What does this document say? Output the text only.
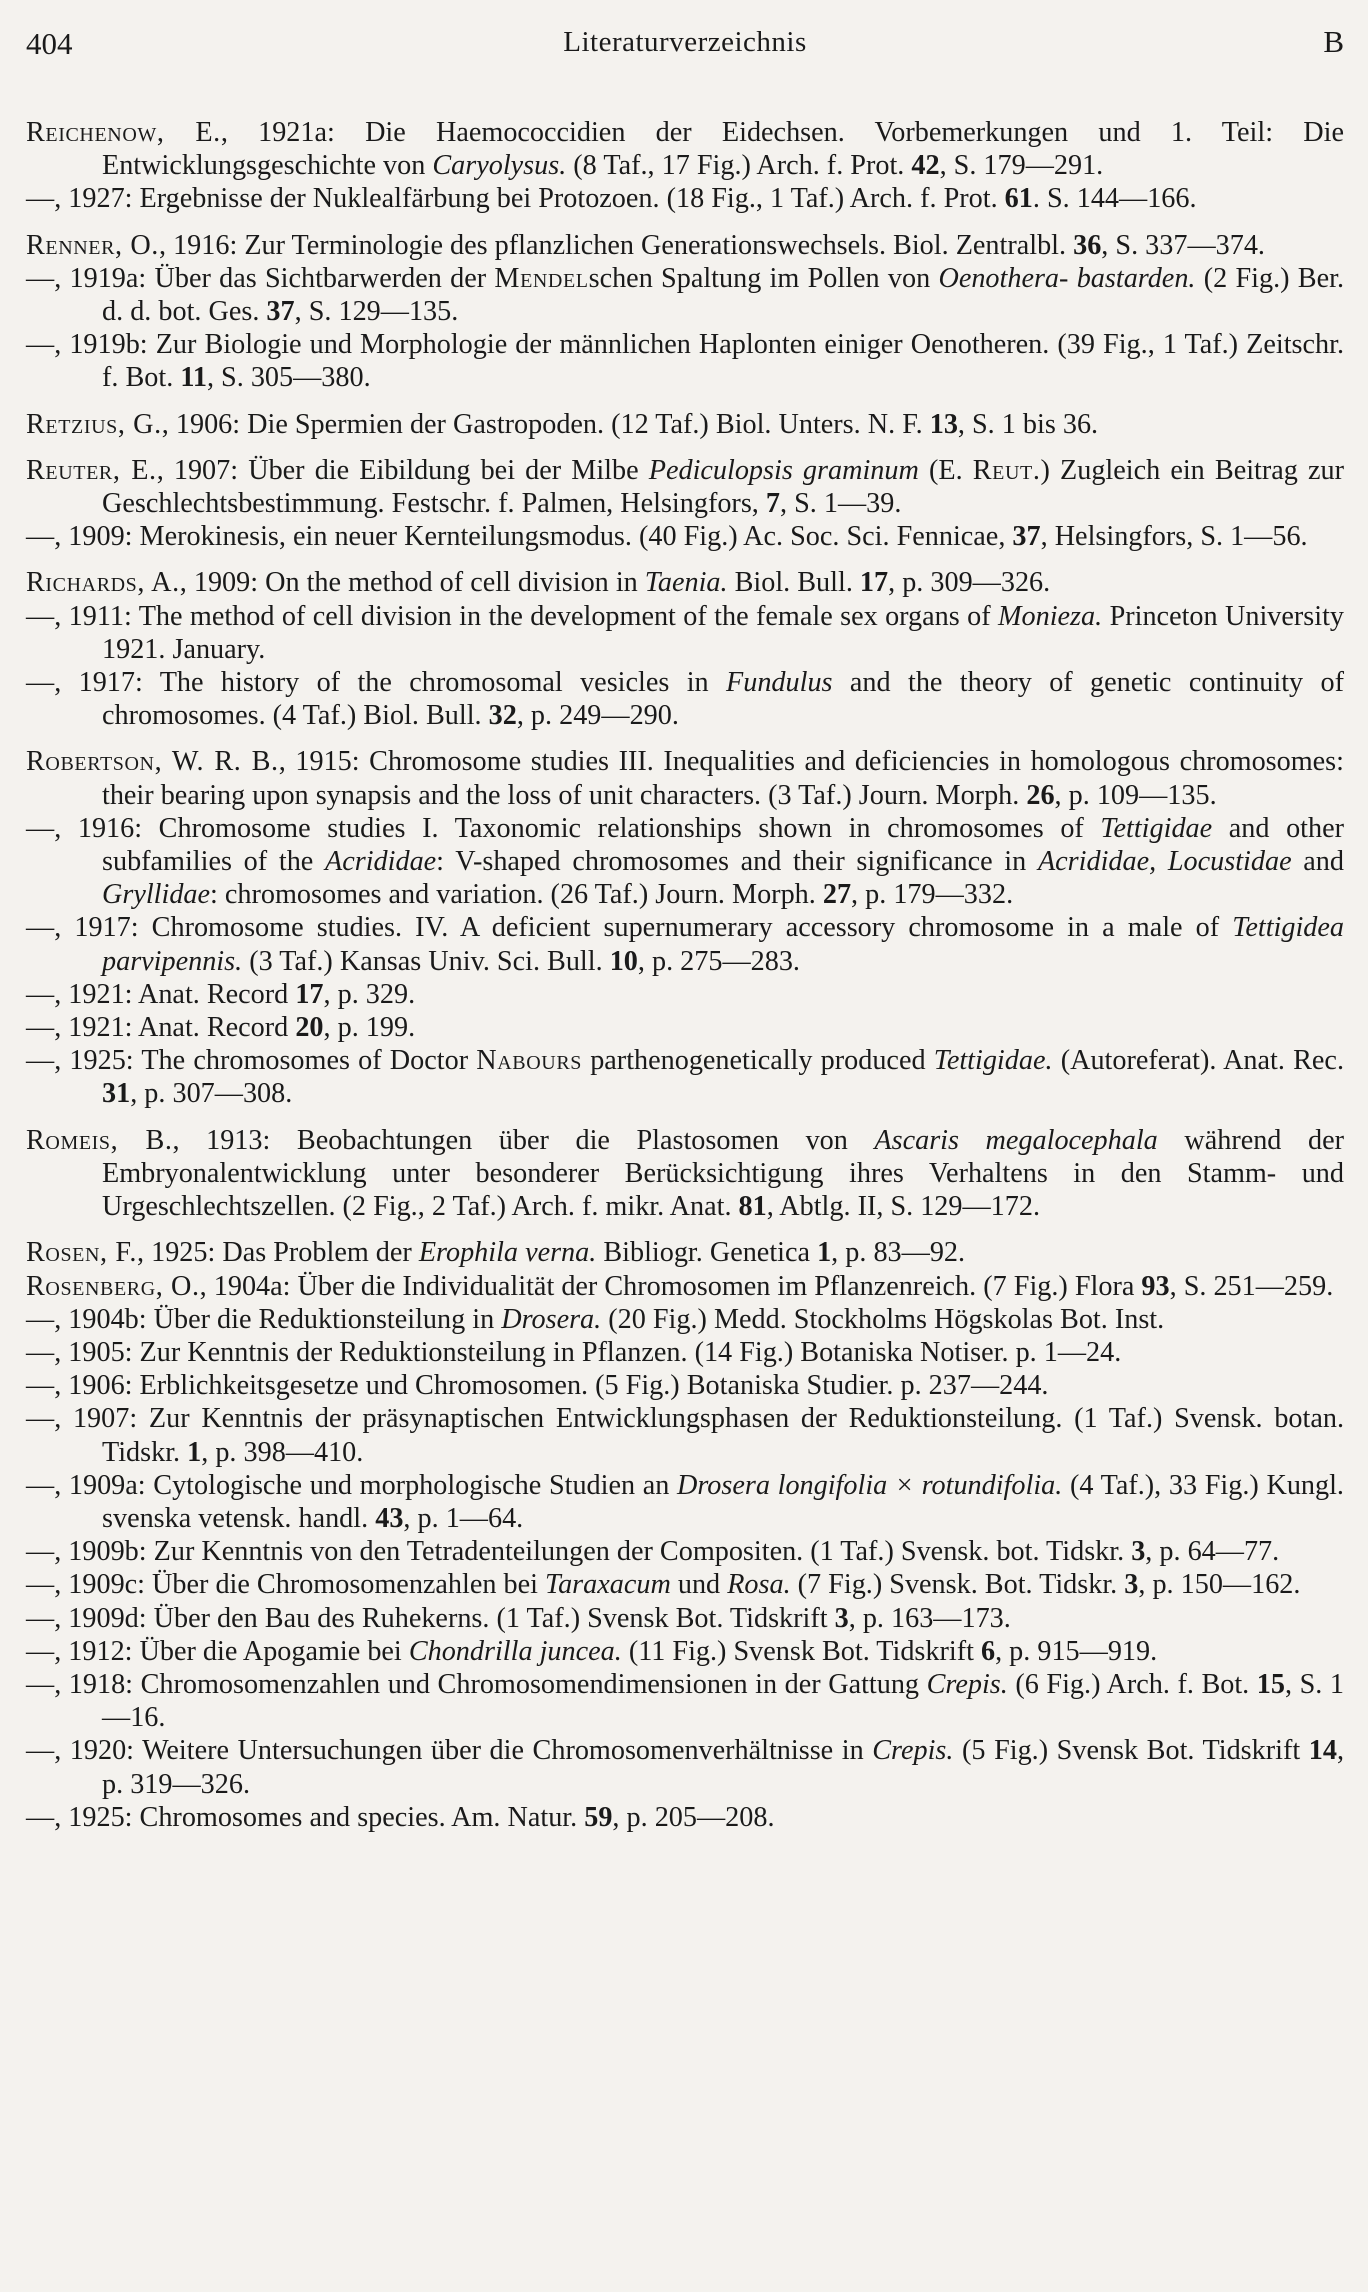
404	Literaturverzeichnis	B

Reichenow, E., 1921a: Die Haemococcidien der Eidechsen. Vorbemerkungen und 1. Teil: Die Entwicklungsgeschichte von Caryolysus. (8 Taf., 17 Fig.) Arch. f. Prot. 42, S. 179—291.

—, 1927: Ergebnisse der Nuklealfärbung bei Protozoen. (18 Fig., 1 Taf.) Arch. f. Prot. 61. S. 144—166.

Renner, O., 1916: Zur Terminologie des pflanzlichen Generationswechsels. Biol. Zentralbl. 36, S. 337—374.

—, 1919a: Über das Sichtbarwerden der Mendelschen Spaltung im Pollen von Oenothera- bastarden. (2 Fig.) Ber. d. d. bot. Ges. 37, S. 129—135.

—, 1919b: Zur Biologie und Morphologie der männlichen Haplonten einiger Oenotheren. (39 Fig., 1 Taf.) Zeitschr. f. Bot. 11, S. 305—380.

Retzius, G., 1906: Die Spermien der Gastropoden. (12 Taf.) Biol. Unters. N. F. 13, S. 1 bis 36.

Reuter, E., 1907: Über die Eibildung bei der Milbe Pediculopsis graminum (E. Reut.) Zugleich ein Beitrag zur Geschlechtsbestimmung. Festschr. f. Palmen, Helsingfors, 7, S. 1—39.

—, 1909: Merokinesis, ein neuer Kernteilungsmodus. (40 Fig.) Ac. Soc. Sci. Fennicae, 37, Helsingfors, S. 1—56.

Richards, A., 1909: On the method of cell division in Taenia. Biol. Bull. 17, p. 309—326.

—, 1911: The method of cell division in the development of the female sex organs of Monieza. Princeton University 1921. January.

—, 1917: The history of the chromosomal vesicles in Fundulus and the theory of genetic continuity of chromosomes. (4 Taf.) Biol. Bull. 32, p. 249—290.

Robertson, W. R. B., 1915: Chromosome studies III. Inequalities and deficiencies in homologous chromosomes: their bearing upon synapsis and the loss of unit characters. (3 Taf.) Journ. Morph. 26, p. 109—135.

—, 1916: Chromosome studies I. Taxonomic relationships shown in chromosomes of Tettigidae and other subfamilies of the Acrididae: V-shaped chromosomes and their significance in Acrididae, Locustidae and Gryllidae: chromosomes and variation. (26 Taf.) Journ. Morph. 27, p. 179—332.

—, 1917: Chromosome studies. IV. A deficient supernumerary accessory chromosome in a male of Tettigidea parvipennis. (3 Taf.) Kansas Univ. Sci. Bull. 10, p. 275—283.

—, 1921: Anat. Record 17, p. 329.

—, 1921: Anat. Record 20, p. 199.

—, 1925: The chromosomes of Doctor Nabours parthenogenetically produced Tettigidae. (Autoreferat). Anat. Rec. 31, p. 307—308.

Romeis, B., 1913: Beobachtungen über die Plastosomen von Ascaris megalocephala während der Embryonalentwicklung unter besonderer Berücksichtigung ihres Verhaltens in den Stamm- und Urgeschlechtszellen. (2 Fig., 2 Taf.) Arch. f. mikr. Anat. 81, Abtlg. II, S. 129—172.

Rosen, F., 1925: Das Problem der Erophila verna. Bibliogr. Genetica 1, p. 83—92.

Rosenberg, O., 1904a: Über die Individualität der Chromosomen im Pflanzenreich. (7 Fig.) Flora 93, S. 251—259.

—, 1904b: Über die Reduktionsteilung in Drosera. (20 Fig.) Medd. Stockholms Högskolas Bot. Inst.

—, 1905: Zur Kenntnis der Reduktionsteilung in Pflanzen. (14 Fig.) Botaniska Notiser. p. 1—24.

—, 1906: Erblichkeitsgesetze und Chromosomen. (5 Fig.) Botaniska Studier. p. 237—244.

—, 1907: Zur Kenntnis der präsynaptischen Entwicklungsphasen der Reduktionsteilung. (1 Taf.) Svensk. botan. Tidskr. 1, p. 398—410.

—, 1909a: Cytologische und morphologische Studien an Drosera longifolia × rotundifolia. (4 Taf.), 33 Fig.) Kungl. svenska vetensk. handl. 43, p. 1—64.

—, 1909b: Zur Kenntnis von den Tetradenteilungen der Compositen. (1 Taf.) Svensk. bot. Tidskr. 3, p. 64—77.

—, 1909c: Über die Chromosomenzahlen bei Taraxacum und Rosa. (7 Fig.) Svensk. Bot. Tidskr. 3, p. 150—162.

—, 1909d: Über den Bau des Ruhekerns. (1 Taf.) Svensk Bot. Tidskrift 3, p. 163—173.

—, 1912: Über die Apogamie bei Chondrilla juncea. (11 Fig.) Svensk Bot. Tidskrift 6, p. 915—919.

—, 1918: Chromosomenzahlen und Chromosomendimensionen in der Gattung Crepis. (6 Fig.) Arch. f. Bot. 15, S. 1—16.

—, 1920: Weitere Untersuchungen über die Chromosomenverhältnisse in Crepis. (5 Fig.) Svensk Bot. Tidskrift 14, p. 319—326.

—, 1925: Chromosomes and species. Am. Natur. 59, p. 205—208.
